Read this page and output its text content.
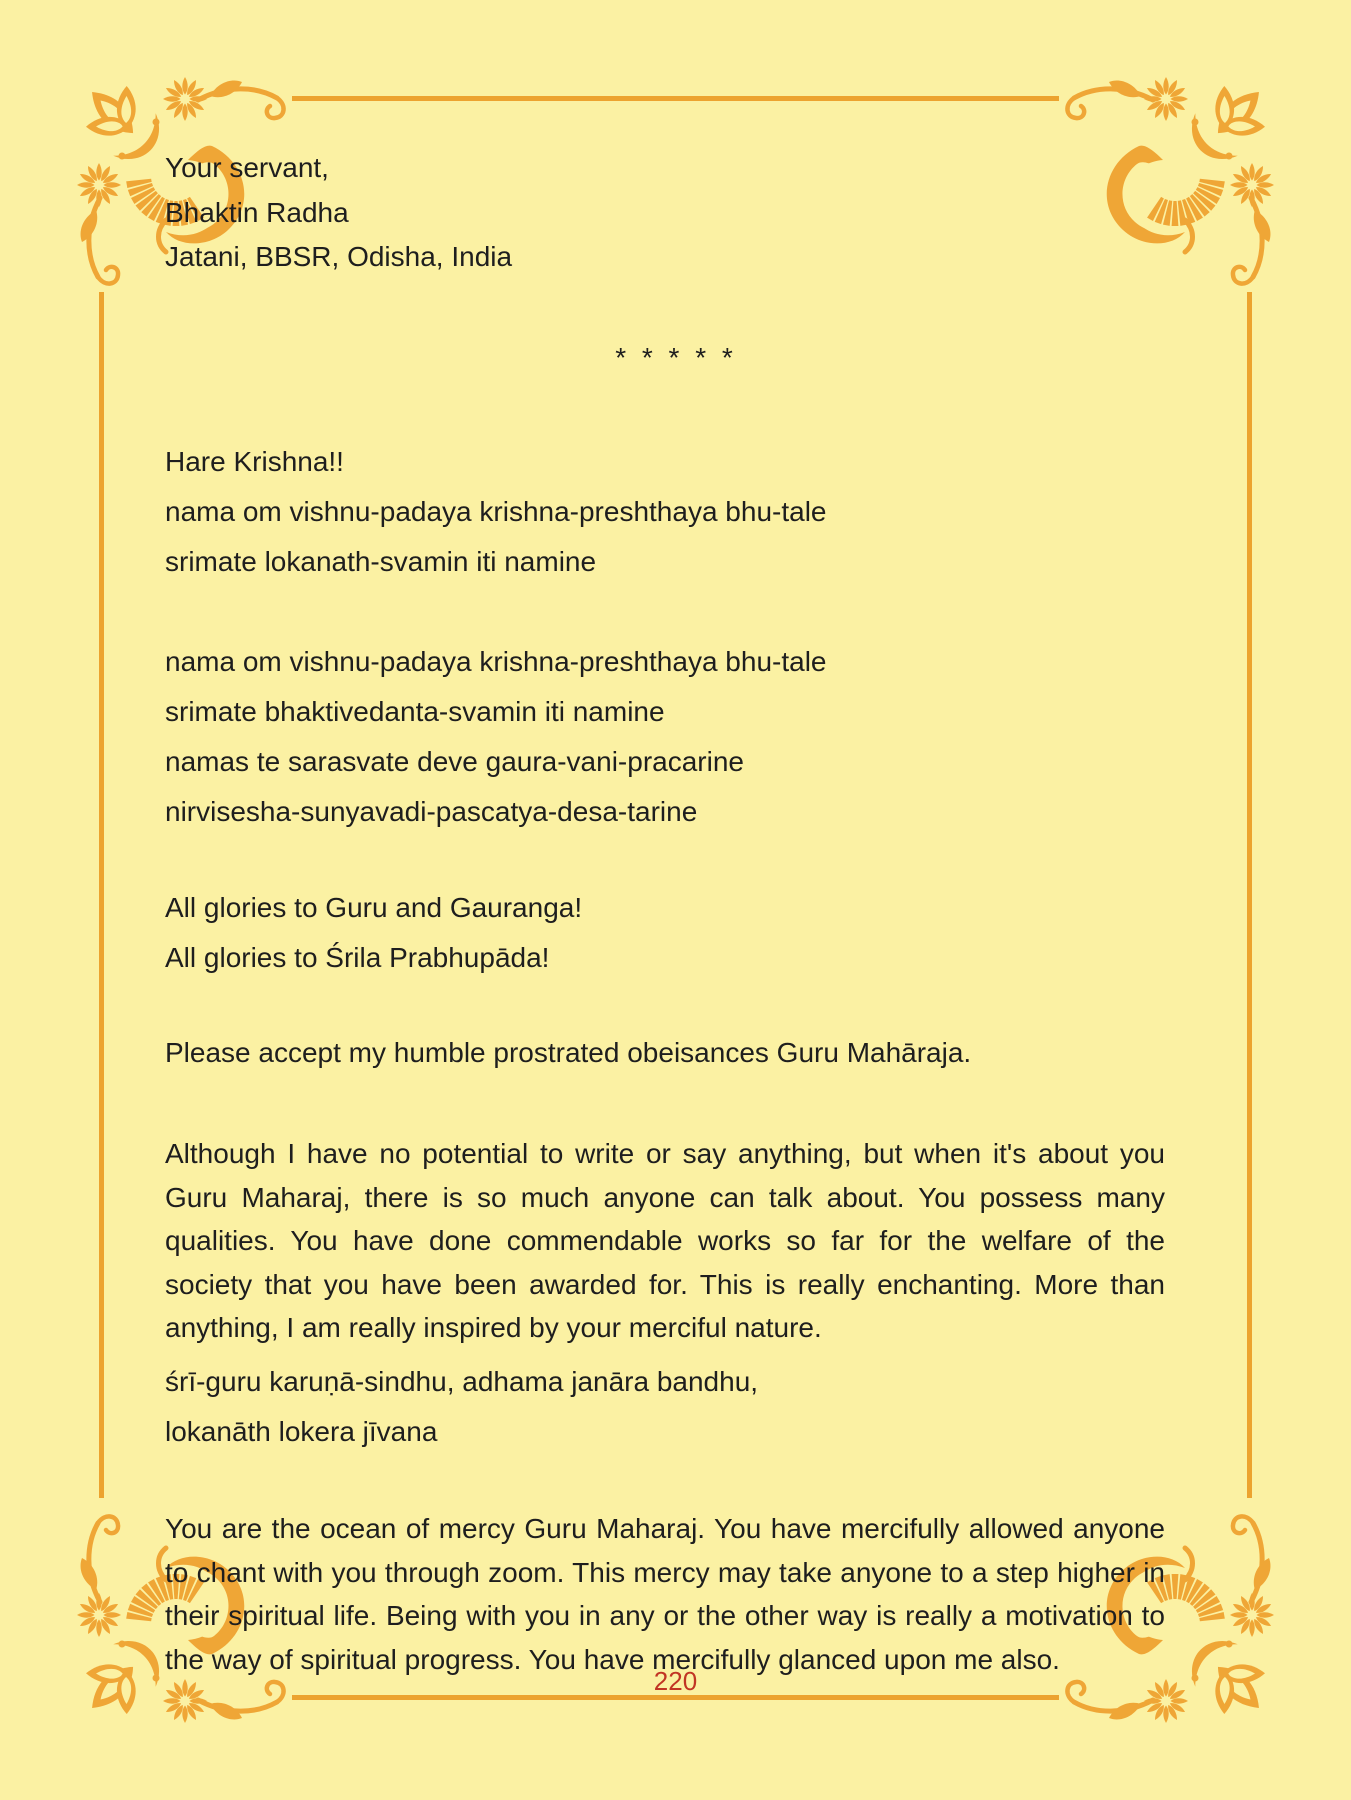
Your servant,
Bhaktin Radha
Jatani, BBSR, Odisha, India
* * * * *
Hare Krishna!!
nama om vishnu-padaya krishna-preshthaya bhu-tale
srimate lokanath-svamin iti namine
nama om vishnu-padaya krishna-preshthaya bhu-tale
srimate bhaktivedanta-svamin iti namine
namas te sarasvate deve gaura-vani-pracarine
nirvisesha-sunyavadi-pascatya-desa-tarine
All glories to Guru and Gauranga!
All glories to Śrila Prabhupāda!
Please accept my humble prostrated obeisances Guru Mahāraja.
Although I have no potential to write or say anything, but when it's about you Guru Maharaj, there is so much anyone can talk about. You possess many qualities. You have done commendable works so far for the welfare of the society that you have been awarded for. This is really enchanting. More than anything, I am really inspired by your merciful nature.
śrī-guru karuṇā-sindhu, adhama janāra bandhu,
lokanāth lokera jīvana
You are the ocean of mercy Guru Maharaj. You have mercifully allowed anyone to chant with you through zoom. This mercy may take anyone to a step higher in their spiritual life. Being with you in any or the other way is really a motivation to the way of spiritual progress. You have mercifully glanced upon me also.
220
